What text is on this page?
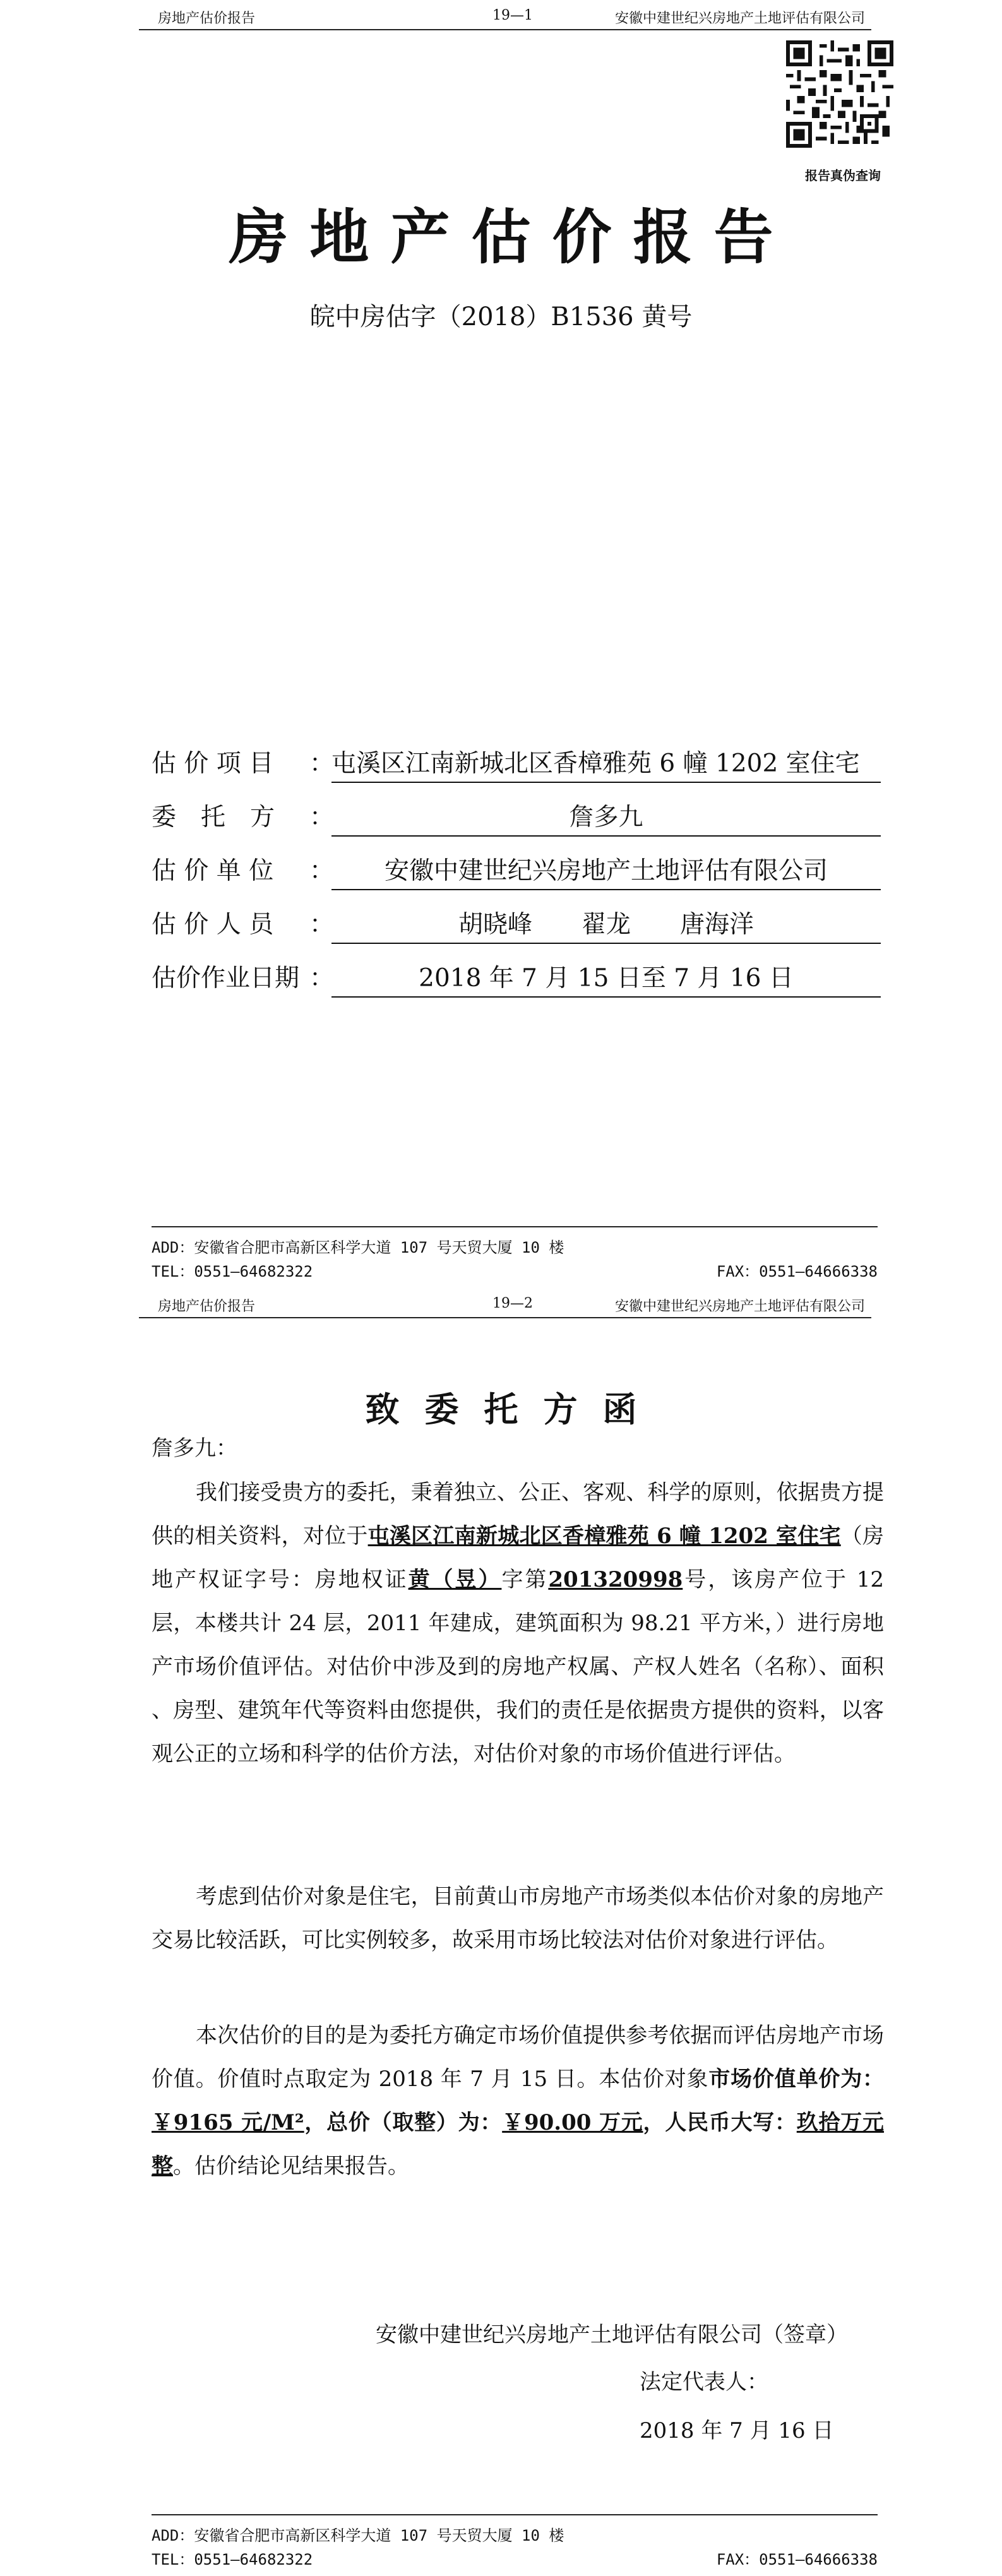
房地产估价报告	19—1	安徽中建世纪兴房地产土地评估有限公司
报告真伪查询
房地产估价报告
皖中房估字（2018）B1536 黄号
估 价 项 目 ：
屯溪区江南新城北区香樟雅苑 6 幢 1202 室住宅
委　托　方 ：	詹多九
估 价 单 位 ：	安徽中建世纪兴房地产土地评估有限公司
估 价 人 员 ：	胡晓峰　　翟龙　　唐海洋
估价作业日期 ：	2018 年 7 月 15 日至 7 月 16 日
ADD：安徽省合肥市高新区科学大道 107 号天贸大厦 10 楼
TEL：0551—64682322	FAX：0551—64666338
房地产估价报告	19—2	安徽中建世纪兴房地产土地评估有限公司
致委托方函
詹多九：

我们接受贵方的委托，秉着独立、公正、客观、科学的原则，依据贵方提供的相关资料，对位于屯溪区江南新城北区香樟雅苑 6 幢 1202 室住宅（房地产权证字号：房地权证黄（昱）字第201320998号，该房产位于 12 层，本楼共计 24 层，2011 年建成，建筑面积为 98.21 平方米，）进行房地产市场价值评估。对估价中涉及到的房地产权属、产权人姓名（名称）、面积 、房型、建筑年代等资料由您提供，我们的责任是依据贵方提供的资料，以客观公正的立场和科学的估价方法，对估价对象的市场价值进行评估。

考虑到估价对象是住宅，目前黄山市房地产市场类似本估价对象的房地产交易比较活跃，可比实例较多，故采用市场比较法对估价对象进行评估。

本次估价的目的是为委托方确定市场价值提供参考依据而评估房地产市场价值。价值时点取定为 2018 年 7 月 15 日。本估价对象市场价值单价为：￥9165 元/M²，总价（取整）为：￥90.00 万元，人民币大写：玖拾万元整。估价结论见结果报告。

安徽中建世纪兴房地产土地评估有限公司（签章）
法定代表人：
2018 年 7 月 16 日
ADD：安徽省合肥市高新区科学大道 107 号天贸大厦 10 楼
TEL：0551—64682322	FAX：0551—64666338
